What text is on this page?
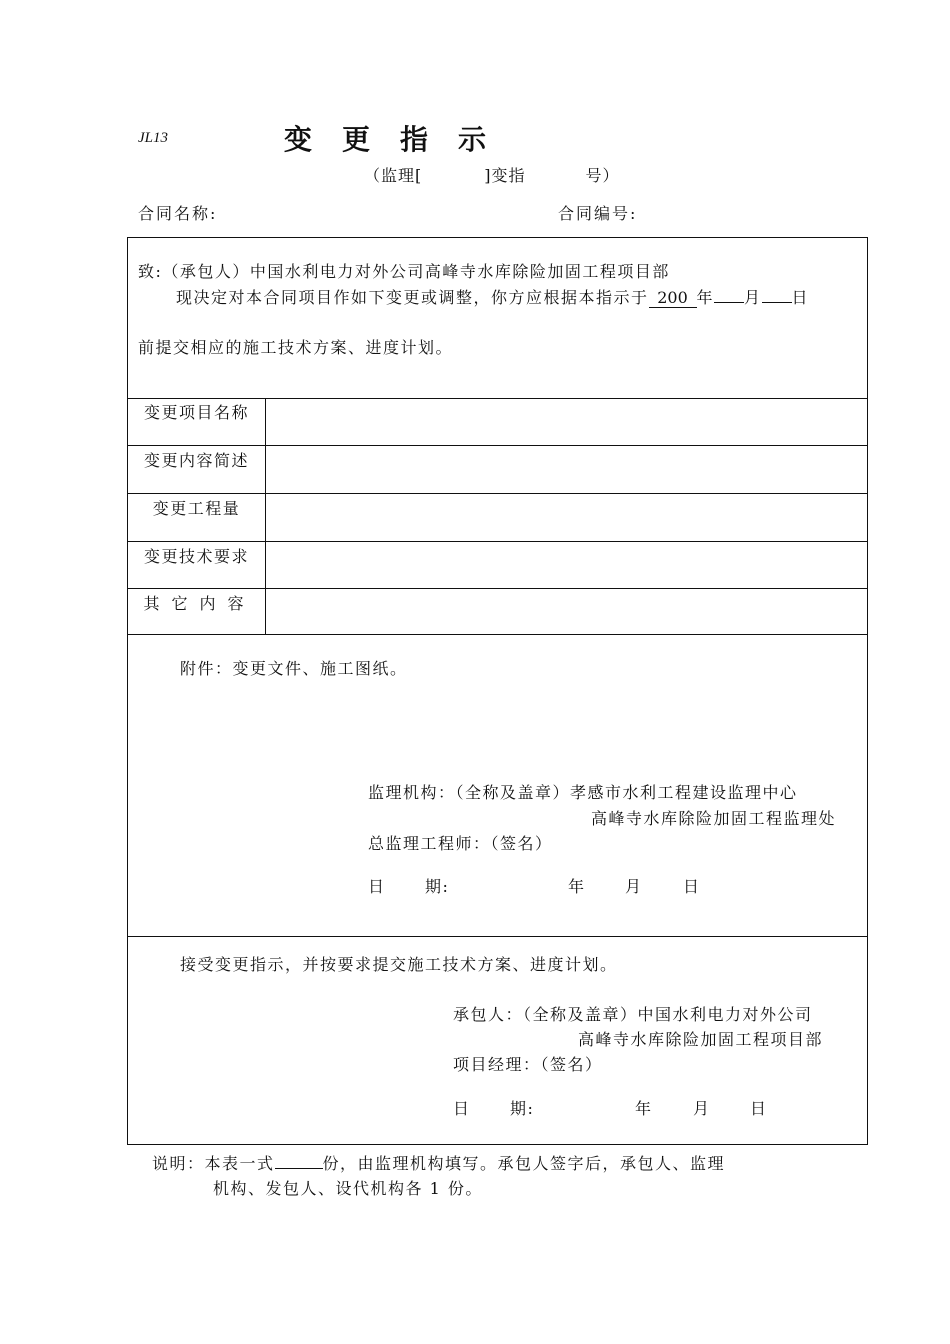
JL13	变更指示
（监理[	]变指	号）
合同名称:	合同编号:
致:（承包人）中国水利电力对外公司高峰寺水库除险加固工程项目部
现决定对本合同项目作如下变更或调整，你方应根据本指示于 200 年 月 日
前提交相应的施工技术方案、进度计划。
变更项目名称
变更内容简述
变更工程量
变更技术要求
其它内容
附件：变更文件、施工图纸。
监理机构：（全称及盖章）孝感市水利工程建设监理中心
高峰寺水库除险加固工程监理处
总监理工程师：（签名）
日      期:	年 月	日
接受变更指示，并按要求提交施工技术方案、进度计划。
承包人：（全称及盖章）中国水利电力对外公司
高峰寺水库除险加固工程项目部
项目经理：（签名）
日      期:	年	月 日
说明：本表一式	份，由监理机构填写。承包人签字后，承包人、监理
机构、发包人、设代机构各 1 份。
